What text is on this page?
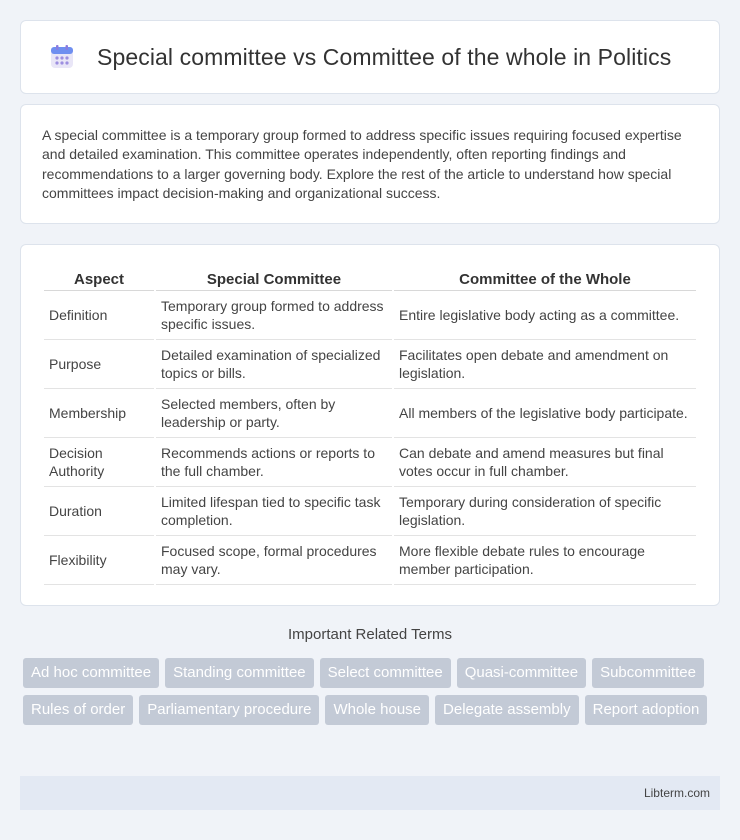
Special committee vs Committee of the whole in Politics

A special committee is a temporary group formed to address specific issues requiring focused expertise and detailed examination. This committee operates independently, often reporting findings and recommendations to a larger governing body. Explore the rest of the article to understand how special committees impact decision-making and organizational success.

Aspect	Special Committee	Committee of the Whole
Definition	Temporary group formed to address specific issues.	Entire legislative body acting as a committee.
Purpose	Detailed examination of specialized topics or bills.	Facilitates open debate and amendment on legislation.
Membership	Selected members, often by leadership or party.	All members of the legislative body participate.
Decision Authority	Recommends actions or reports to the full chamber.	Can debate and amend measures but final votes occur in full chamber.
Duration	Limited lifespan tied to specific task completion.	Temporary during consideration of specific legislation.
Flexibility	Focused scope, formal procedures may vary.	More flexible debate rules to encourage member participation.
Important Related Terms
Ad hoc committee	Standing committee	Select committee	Quasi-committee	Subcommittee
Rules of order	Parliamentary procedure	Whole house	Delegate assembly	Report adoption
Libterm.com
